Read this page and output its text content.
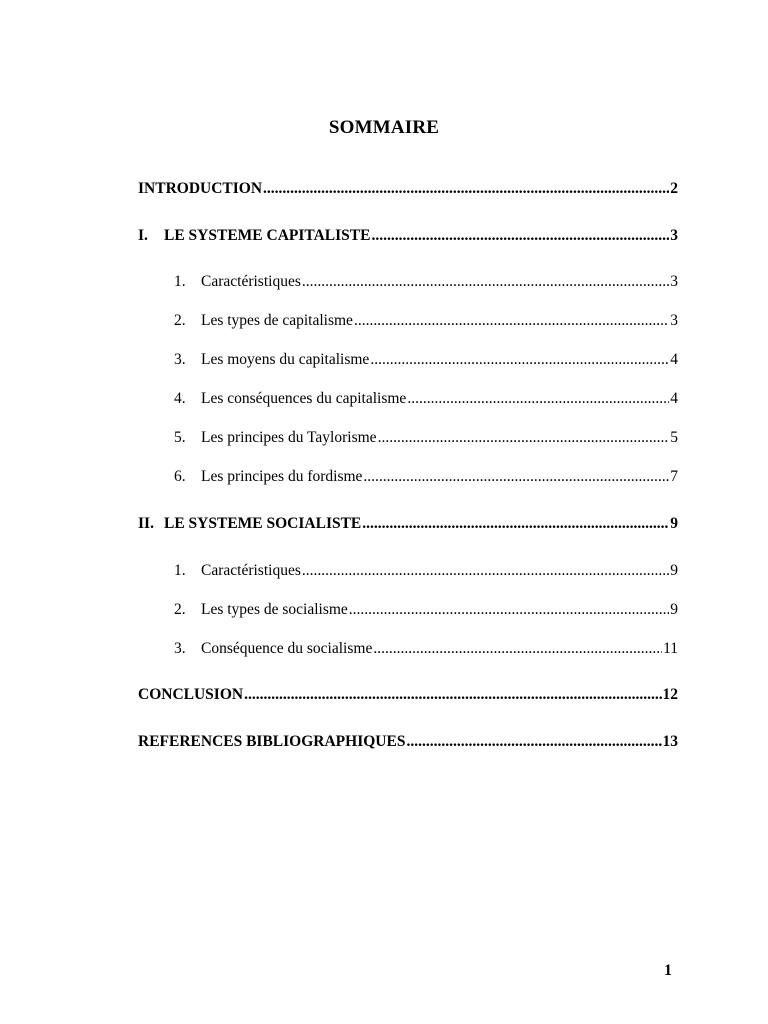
SOMMAIRE
INTRODUCTION .....	2
I.	LE SYSTEME CAPITALISTE .....	3
1. Caractéristiques .....	3
2. Les types de capitalisme .....	3
3. Les moyens du capitalisme .....	4
4. Les conséquences du capitalisme .....	4
5. Les principes du Taylorisme .....	5
6. Les principes du fordisme .....	7
II. LE SYSTEME SOCIALISTE .....	9
1. Caractéristiques .....	9
2. Les types de socialisme .....	9
3. Conséquence du socialisme .....	11
CONCLUSION .....	12
REFERENCES BIBLIOGRAPHIQUES .....	13
1
